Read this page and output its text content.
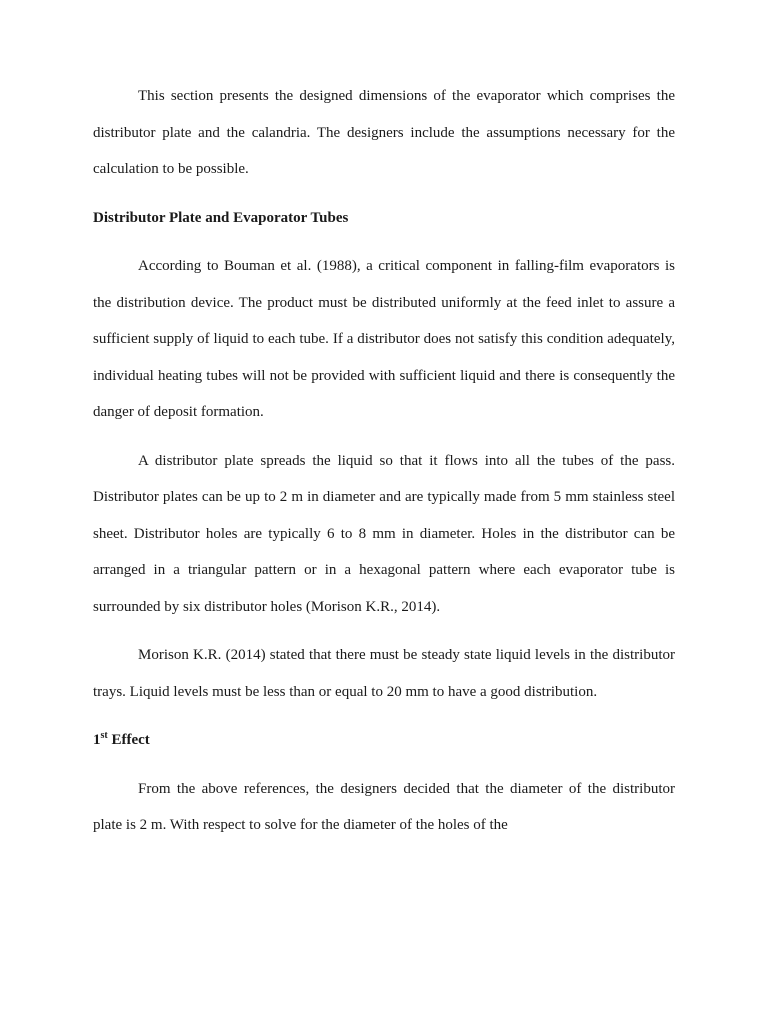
This section presents the designed dimensions of the evaporator which comprises the distributor plate and the calandria. The designers include the assumptions necessary for the calculation to be possible.

Distributor Plate and Evaporator Tubes

According to Bouman et al. (1988), a critical component in falling-film evaporators is the distribution device. The product must be distributed uniformly at the feed inlet to assure a sufficient supply of liquid to each tube. If a distributor does not satisfy this condition adequately, individual heating tubes will not be provided with sufficient liquid and there is consequently the danger of deposit formation.

A distributor plate spreads the liquid so that it flows into all the tubes of the pass. Distributor plates can be up to 2 m in diameter and are typically made from 5 mm stainless steel sheet. Distributor holes are typically 6 to 8 mm in diameter. Holes in the distributor can be arranged in a triangular pattern or in a hexagonal pattern where each evaporator tube is surrounded by six distributor holes (Morison K.R., 2014).

Morison K.R. (2014) stated that there must be steady state liquid levels in the distributor trays. Liquid levels must be less than or equal to 20 mm to have a good distribution.

1st Effect

From the above references, the designers decided that the diameter of the distributor plate is 2 m. With respect to solve for the diameter of the holes of the
